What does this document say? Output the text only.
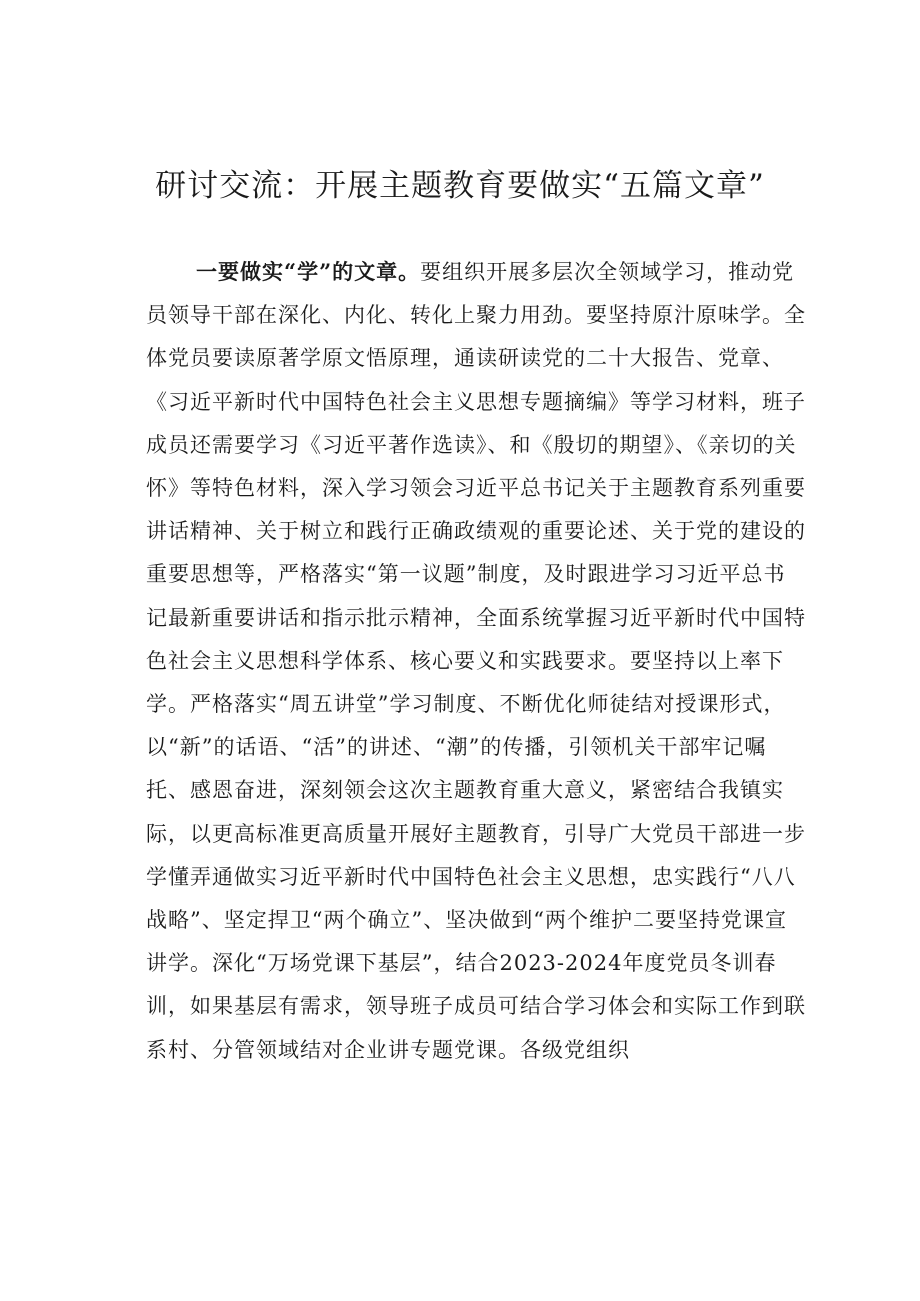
研讨交流：开展主题教育要做实“五篇文章”

一要做实“学”的文章。要组织开展多层次全领域学习，推动党员领导干部在深化、内化、转化上聚力用劲。要坚持原汁原味学。全体党员要读原著学原文悟原理，通读研读党的二十大报告、党章、《习近平新时代中国特色社会主义思想专题摘编》等学习材料，班子成员还需要学习《习近平著作选读》、和《殷切的期望》、《亲切的关怀》等特色材料，深入学习领会习近平总书记关于主题教育系列重要讲话精神、关于树立和践行正确政绩观的重要论述、关于党的建设的重要思想等，严格落实“第一议题”制度，及时跟进学习习近平总书记最新重要讲话和指示批示精神，全面系统掌握习近平新时代中国特色社会主义思想科学体系、核心要义和实践要求。要坚持以上率下学。严格落实“周五讲堂”学习制度、不断优化师徒结对授课形式，以“新”的话语、“活”的讲述、“潮”的传播，引领机关干部牢记嘱托、感恩奋进，深刻领会这次主题教育重大意义，紧密结合我镇实际，以更高标准更高质量开展好主题教育，引导广大党员干部进一步学懂弄通做实习近平新时代中国特色社会主义思想，忠实践行“八八战略”、坚定捍卫“两个确立”、坚决做到“两个维护二要坚持党课宣讲学。深化“万场党课下基层”，结合2023-2024年度党员冬训春训，如果基层有需求，领导班子成员可结合学习体会和实际工作到联系村、分管领域结对企业讲专题党课。各级党组织
